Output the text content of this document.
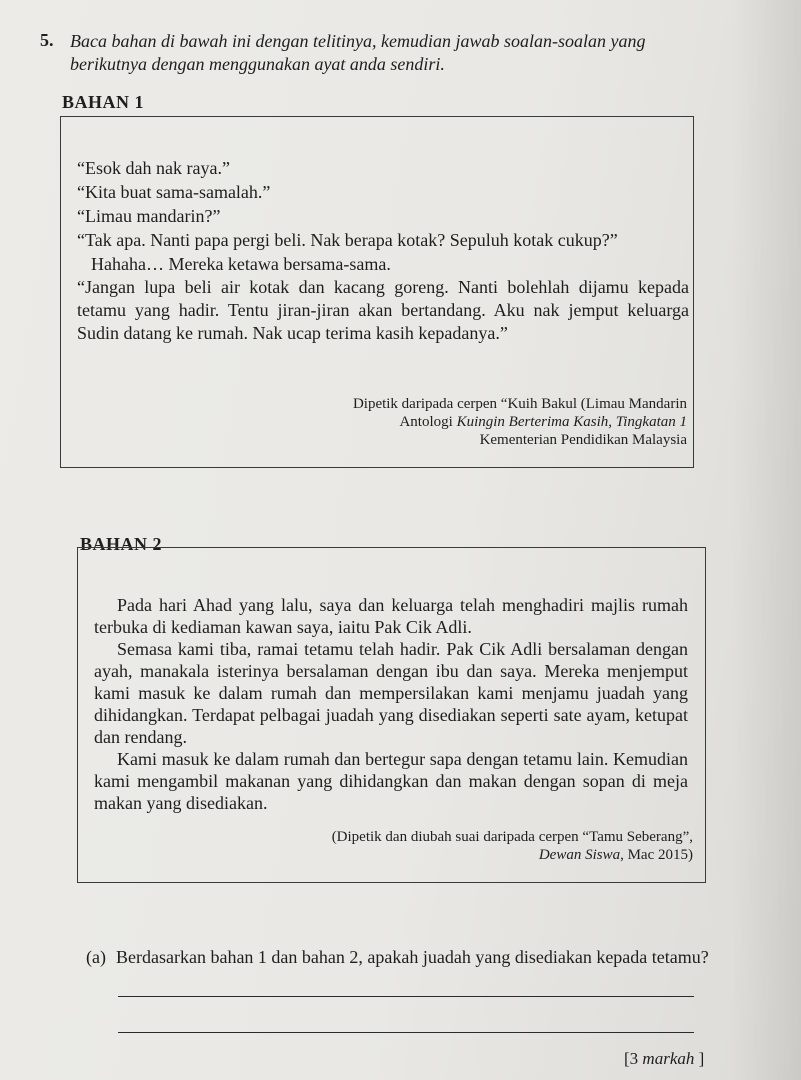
5. Baca bahan di bawah ini dengan telitinya, kemudian jawab soalan-soalan yang
berikutnya dengan menggunakan ayat anda sendiri.
BAHAN 1
“Esok dah nak raya.”
“Kita buat sama-samalah.”
“Limau mandarin?”
“Tak apa. Nanti papa pergi beli. Nak berapa kotak? Sepuluh kotak cukup?”
Hahaha… Mereka ketawa bersama-sama.
“Jangan lupa beli air kotak dan kacang goreng. Nanti bolehlah dijamu kepada
tetamu yang hadir. Tentu jiran-jiran akan bertandang. Aku nak jemput keluarga
Sudin datang ke rumah. Nak ucap terima kasih kepadanya.”
Dipetik daripada cerpen “Kuih Bakul (Limau Mandarin
Antologi Kuingin Berterima Kasih, Tingkatan 1
Kementerian Pendidikan Malaysia
BAHAN 2
Pada hari Ahad yang lalu, saya dan keluarga telah menghadiri majlis rumah
terbuka di kediaman kawan saya, iaitu Pak Cik Adli.
Semasa kami tiba, ramai tetamu telah hadir. Pak Cik Adli bersalaman dengan
ayah, manakala isterinya bersalaman dengan ibu dan saya. Mereka menjemput
kami masuk ke dalam rumah dan mempersilakan kami menjamu juadah yang
dihidangkan. Terdapat pelbagai juadah yang disediakan seperti sate ayam, ketupat
dan rendang.
Kami masuk ke dalam rumah dan bertegur sapa dengan tetamu lain. Kemudian
kami mengambil makanan yang dihidangkan dan makan dengan sopan di meja
makan yang disediakan.
(Dipetik dan diubah suai daripada cerpen “Tamu Seberang”,
Dewan Siswa, Mac 2015)
(a) Berdasarkan bahan 1 dan bahan 2, apakah juadah yang disediakan kepada tetamu?
[3 markah ]
